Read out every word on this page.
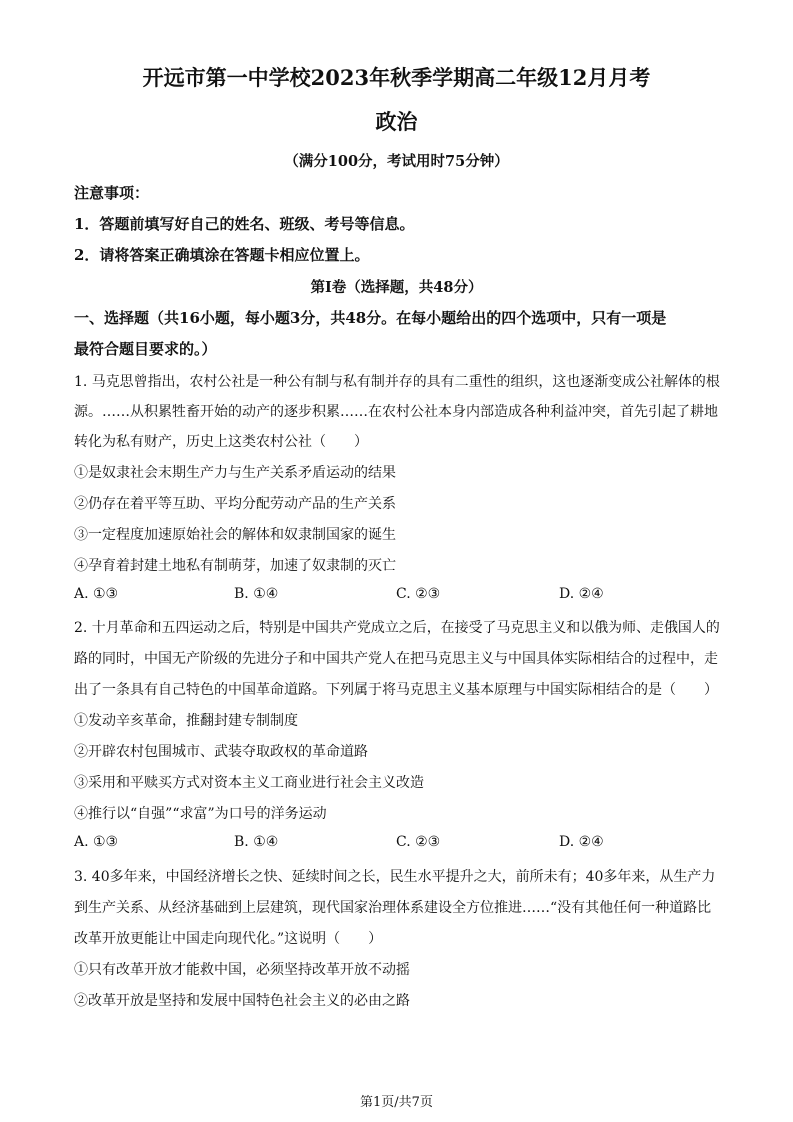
开远市第一中学校2023年秋季学期高二年级12月月考
政治
（满分100分，考试用时75分钟）
注意事项：
1．答题前填写好自己的姓名、班级、考号等信息。
2．请将答案正确填涂在答题卡相应位置上。
第Ⅰ卷（选择题，共48分）
一、选择题（共16小题，每小题3分，共48分。在每小题给出的四个选项中，只有一项是
最符合题目要求的。）
1. 马克思曾指出，农村公社是一种公有制与私有制并存的具有二重性的组织，这也逐渐变成公社解体的根
源。……从积累牲畜开始的动产的逐步积累……在农村公社本身内部造成各种利益冲突，首先引起了耕地
转化为私有财产，历史上这类农村公社（　　）
①是奴隶社会末期生产力与生产关系矛盾运动的结果
②仍存在着平等互助、平均分配劳动产品的生产关系
③一定程度加速原始社会的解体和奴隶制国家的诞生
④孕育着封建土地私有制萌芽，加速了奴隶制的灭亡
A. ①③	B. ①④	C. ②③	D. ②④
2. 十月革命和五四运动之后，特别是中国共产党成立之后，在接受了马克思主义和以俄为师、走俄国人的
路的同时，中国无产阶级的先进分子和中国共产党人在把马克思主义与中国具体实际相结合的过程中，走
出了一条具有自己特色的中国革命道路。下列属于将马克思主义基本原理与中国实际相结合的是（　　）
①发动辛亥革命，推翻封建专制制度
②开辟农村包围城市、武装夺取政权的革命道路
③采用和平赎买方式对资本主义工商业进行社会主义改造
④推行以“自强”“求富”为口号的洋务运动
A. ①③	B. ①④	C. ②③	D. ②④
3. 40多年来，中国经济增长之快、延续时间之长，民生水平提升之大，前所未有；40多年来，从生产力
到生产关系、从经济基础到上层建筑，现代国家治理体系建设全方位推进……“没有其他任何一种道路比
改革开放更能让中国走向现代化。”这说明（　　）
①只有改革开放才能救中国，必须坚持改革开放不动摇
②改革开放是坚持和发展中国特色社会主义的必由之路
第1页/共7页
